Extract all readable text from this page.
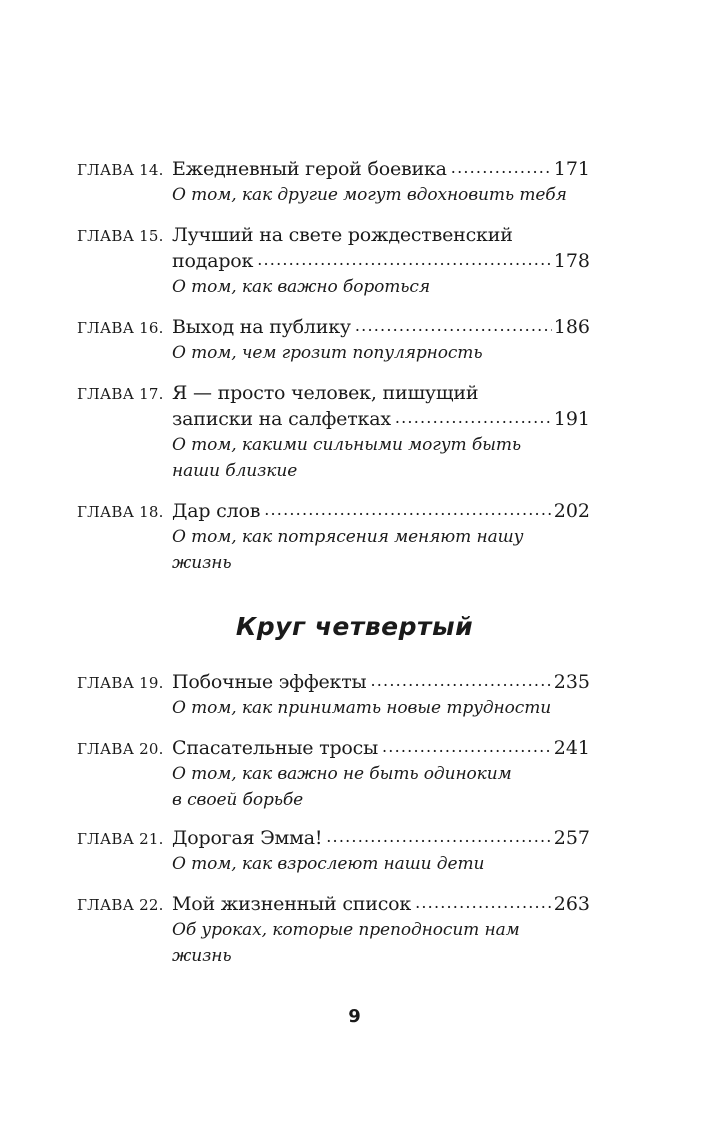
ГЛАВА 14. Ежедневный герой боевика .....	171
О том, как другие могут вдохновить тебя
ГЛАВА 15. Лучший на свете рождественский
подарок .....	178
О том, как важно бороться
ГЛАВА 16. Выход на публику .....	186
О том, чем грозит популярность
ГЛАВА 17. Я — просто человек, пишущий
записки на салфетках .....	191
О том, какими сильными могут быть
наши близкие
ГЛАВА 18. Дар слов .....	202
О том, как потрясения меняют нашу
жизнь
Круг четвертый
ГЛАВА 19. Побочные эффекты .....	235
О том, как принимать новые трудности
ГЛАВА 20. Спасательные тросы .....	241
О том, как важно не быть одиноким
в своей борьбе
ГЛАВА 21. Дорогая Эмма! .....	257
О том, как взрослеют наши дети
ГЛАВА 22. Мой жизненный список .....	263
Об уроках, которые преподносит нам
жизнь
9
